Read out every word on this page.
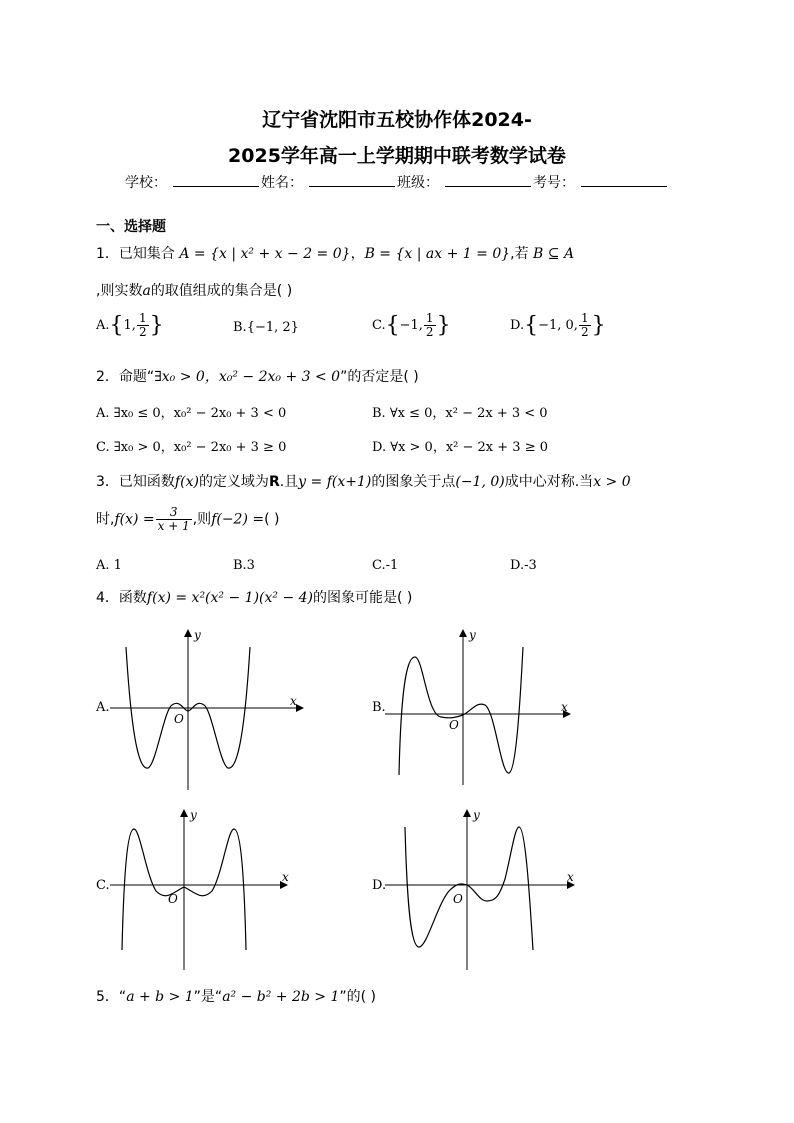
辽宁省沈阳市五校协作体2024-
2025学年高一上学期期中联考数学试卷
学校：	姓名：	班级：	考号：
一、选择题
1．已知集合 A = {x | x² + x − 2 = 0}，B = {x | ax + 1 = 0},若 B ⊆ A
,则实数a的取值组成的集合是( )
A.{1, $\frac{1}{2}$ }	B.{−1, 2}	C.{−1, $\frac{1}{2}$ }	D.{−1, 0, $\frac{1}{2}$ }
2．命题“∃x₀ > 0，x₀² − 2x₀ + 3 < 0”的否定是( )
A. ∃x₀ ≤ 0，x₀² − 2x₀ + 3 < 0	B. ∀x ≤ 0，x² − 2x + 3 < 0
C. ∃x₀ > 0，x₀² − 2x₀ + 3 ≥ 0	D. ∀x > 0，x² − 2x + 3 ≥ 0
3．已知函数f(x)的定义域为R.且y = f(x+1)的图象关于点(−1, 0)成中心对称.当x > 0
时$,f(x) = \frac{3}{x + 1}$ ,则f(−2) =( )
A. 1	B.3	C.-1	D.-3
4．函数f(x) = x²(x² − 1)(x² − 4)的图象可能是( )
A.	B.
C.	D.
x
y
O
x
y
O
x
y
O
x
y
O
5．“a + b > 1”是“a² − b² + 2b > 1”的( )
